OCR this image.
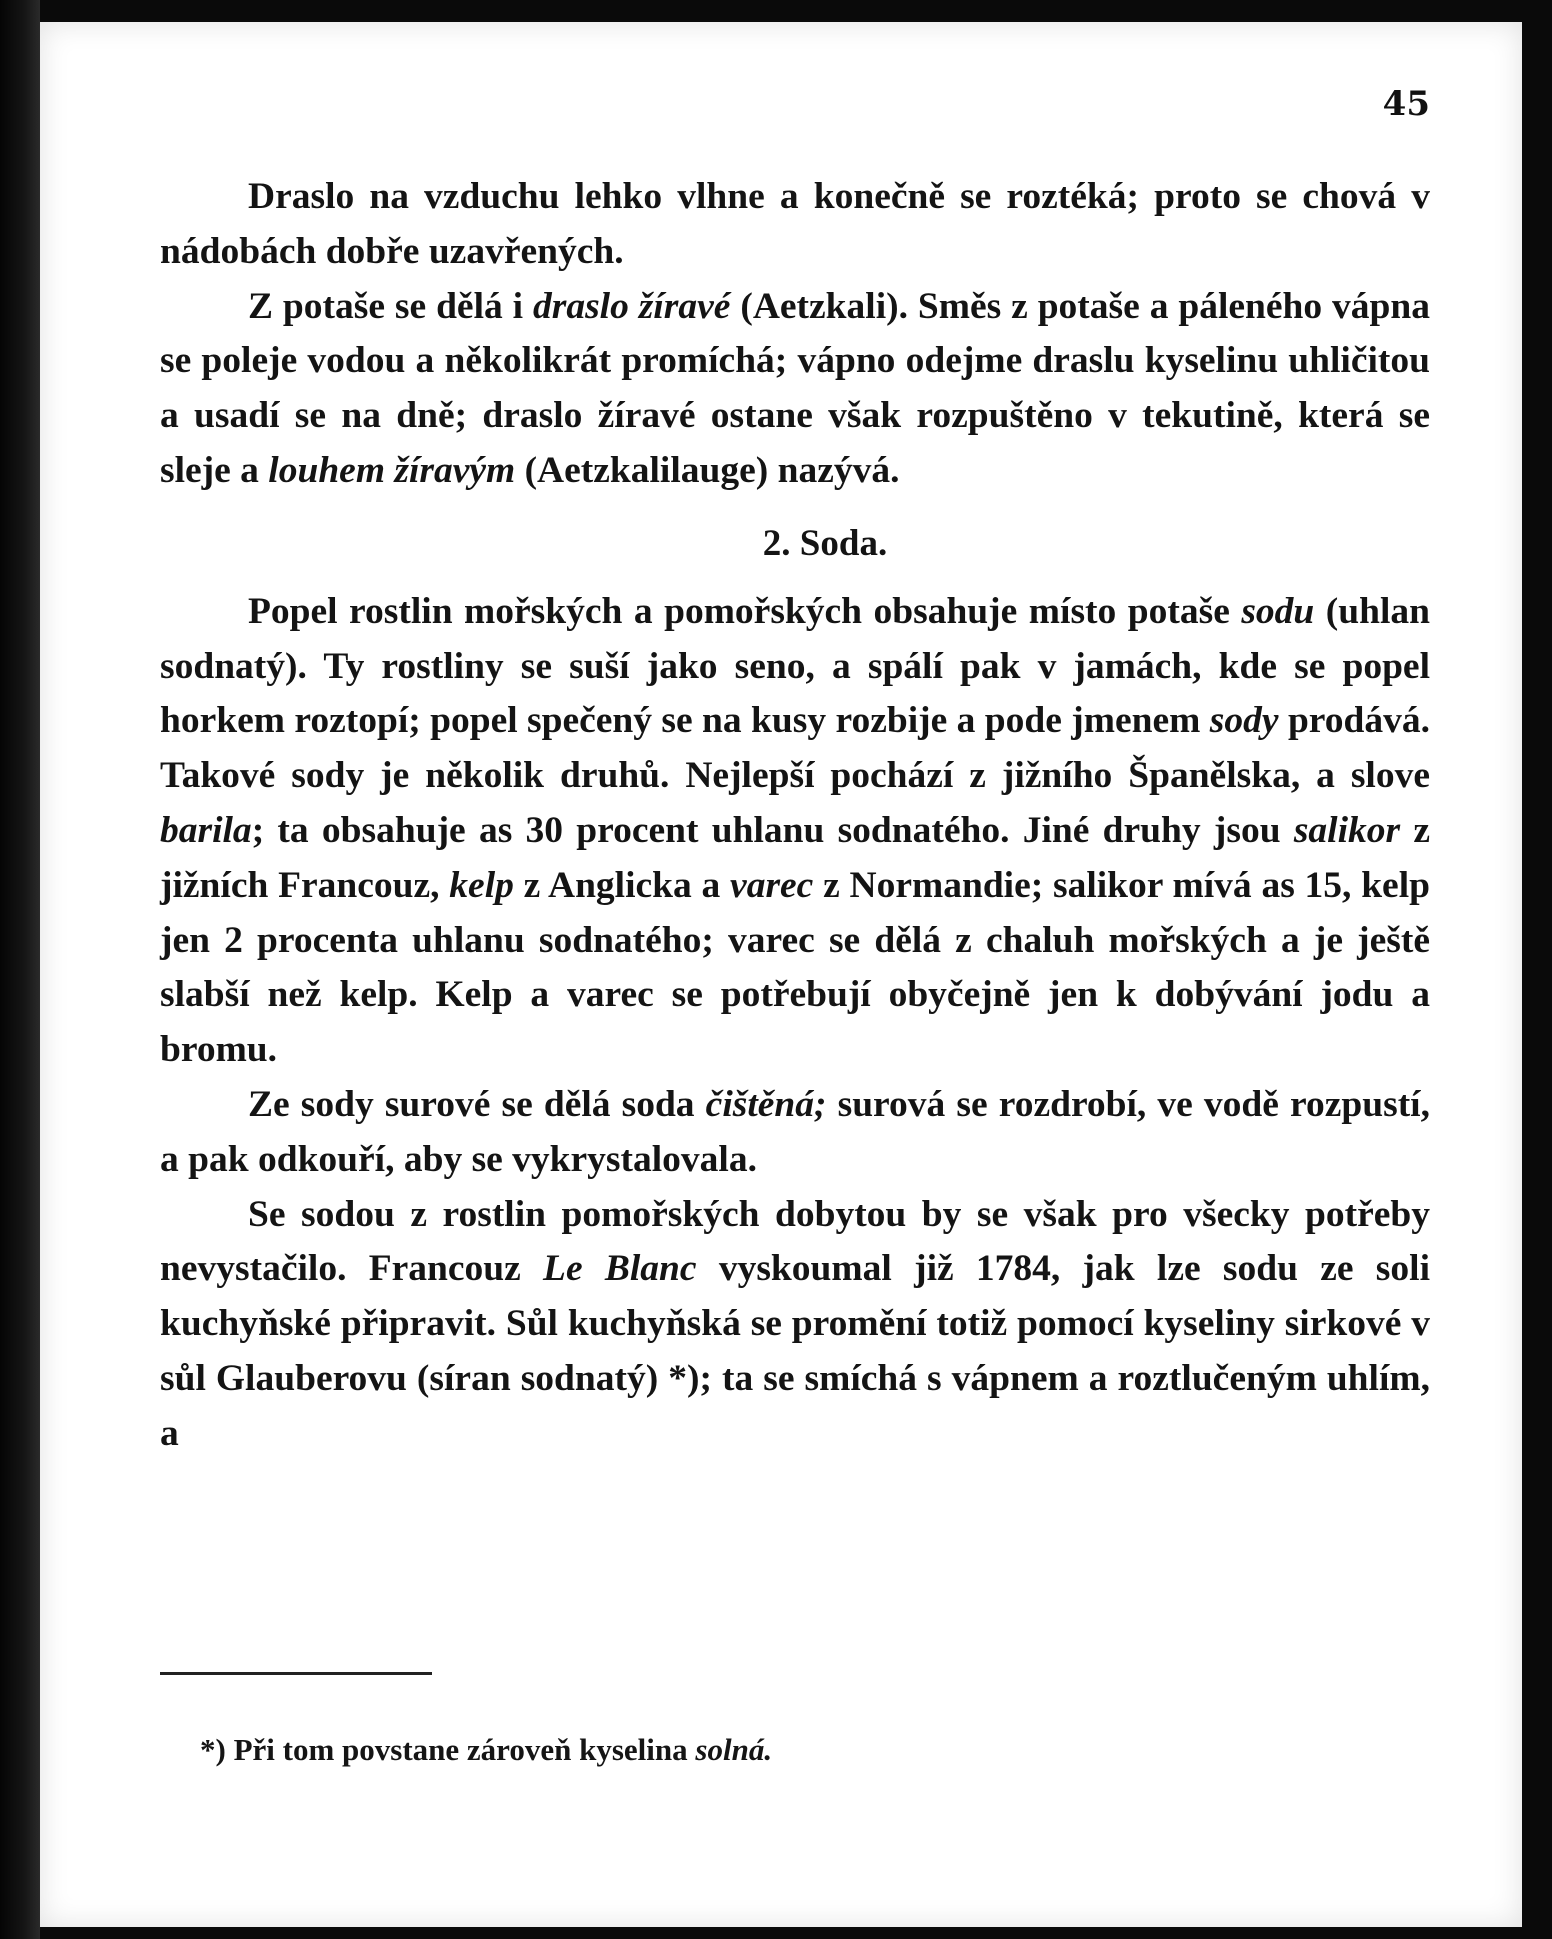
45

Draslo na vzduchu lehko vlhne a konečně se roztéká; proto se chová v nádobách dobře uzavřených.

Z potaše se dělá i draslo žíravé (Aetzkali). Směs z potaše a páleného vápna se poleje vodou a několikrát promíchá; vápno odejme draslu kyselinu uhličitou a usadí se na dně; draslo žíravé ostane však rozpuštěno v tekutině, která se sleje a louhem žíravým (Aetzkalilauge) nazývá.

2. Soda.

Popel rostlin mořských a pomořských obsahuje místo potaše sodu (uhlan sodnatý). Ty rostliny se suší jako seno, a spálí pak v jamách, kde se popel horkem roztopí; popel spečený se na kusy rozbije a pode jmenem sody prodává. Takové sody je několik druhů. Nejlepší pochází z jižního Španělska, a slove barila; ta obsahuje as 30 procent uhlanu sodnatého. Jiné druhy jsou salikor z jižních Francouz, kelp z Anglicka a varec z Normandie; salikor mívá as 15, kelp jen 2 procenta uhlanu sodnatého; varec se dělá z chaluh mořských a je ještě slabší než kelp. Kelp a varec se potřebují obyčejně jen k dobývání jodu a bromu.

Ze sody surové se dělá soda čištěná; surová se rozdrobí, ve vodě rozpustí, a pak odkouří, aby se vykrystalovala.

Se sodou z rostlin pomořských dobytou by se však pro všecky potřeby nevystačilo. Francouz Le Blanc vyskoumal již 1784, jak lze sodu ze soli kuchyňské připravit. Sůl kuchyňská se promění totiž pomocí kyseliny sirkové v sůl Glauberovu (síran sodnatý) *); ta se smíchá s vápnem a roztlučeným uhlím, a

*) Při tom povstane zároveň kyselina solná.
